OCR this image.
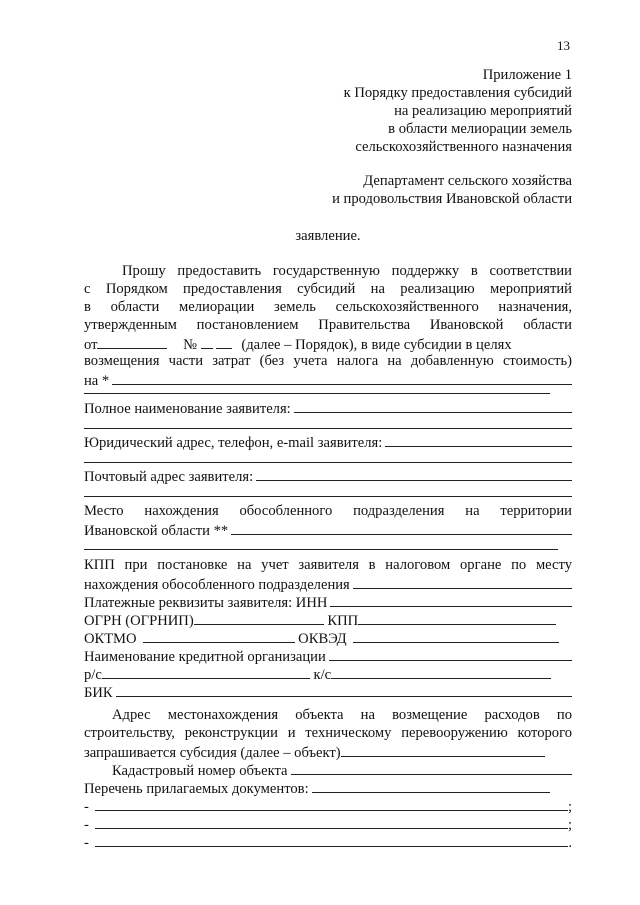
13
Приложение 1
к Порядку предоставления субсидий
на реализацию мероприятий
в области мелиорации земель
сельскохозяйственного назначения
Департамент сельского хозяйства
и продовольствия Ивановской области
заявление.
Прошу предоставить государственную поддержку в соответствии
с Порядком предоставления субсидий на реализацию мероприятий
в области мелиорации земель сельскохозяйственного назначения,
утвержденным постановлением Правительства Ивановской области
от	№	(далее – Порядок), в виде субсидии в целях
возмещения части затрат (без учета налога на добавленную стоимость)
на *
Полное наименование заявителя:
Юридический адрес, телефон, e-mail заявителя:
Почтовый адрес заявителя:
Место нахождения обособленного подразделения на территории
Ивановской области **
КПП при постановке на учет заявителя в налоговом органе по месту
нахождения обособленного подразделения
Платежные реквизиты заявителя: ИНН
ОГРН (ОГРНИП)	КПП
ОКТМО	ОКВЭД
Наименование кредитной организации
р/с	к/с
БИК
Адрес местонахождения объекта на возмещение расходов по
строительству, реконструкции и техническому перевооружению которого
запрашивается субсидия (далее – объект)
Кадастровый номер объекта
Перечень прилагаемых документов:
-	;
-	;
-	.
